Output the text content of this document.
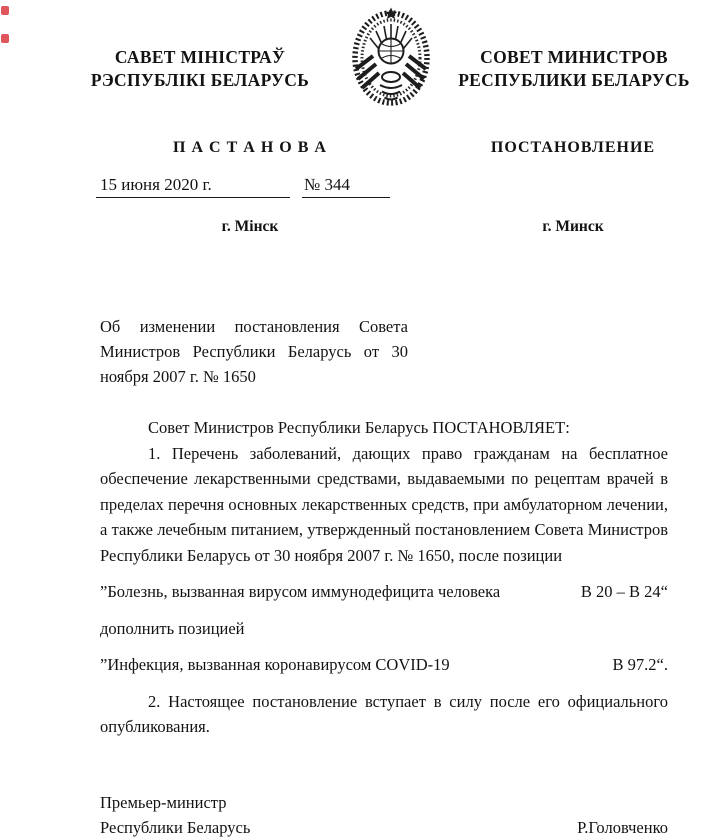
САВЕТ МІНІСТРАЎ
РЭСПУБЛІКІ БЕЛАРУСЬ
СОВЕТ МИНИСТРОВ
РЕСПУБЛИКИ БЕЛАРУСЬ
П А С Т А Н О В А	ПОСТАНОВЛЕНИЕ
15 июня 2020 г.	№ 344
г. Мінск	г. Минск
Об изменении постановления Совета Министров Республики Беларусь от 30 ноября 2007 г. № 1650

Совет Министров Республики Беларусь ПОСТАНОВЛЯЕТ:

1. Перечень заболеваний, дающих право гражданам на бесплатное обеспечение лекарственными средствами, выдаваемыми по рецептам врачей в пределах перечня основных лекарственных средств, при амбулаторном лечении, а также лечебным питанием, утвержденный постановлением Совета Министров Республики Беларусь от 30 ноября 2007 г. № 1650, после позиции

”Болезнь, вызванная вирусом иммунодефицита человека	В 20 – В 24“
дополнить позицией
”Инфекция, вызванная коронавирусом COVID-19	В 97.2“.

2. Настоящее постановление вступает в силу после его официального опубликования.

Премьер-министр
Республики Беларусь	Р.Головченко
